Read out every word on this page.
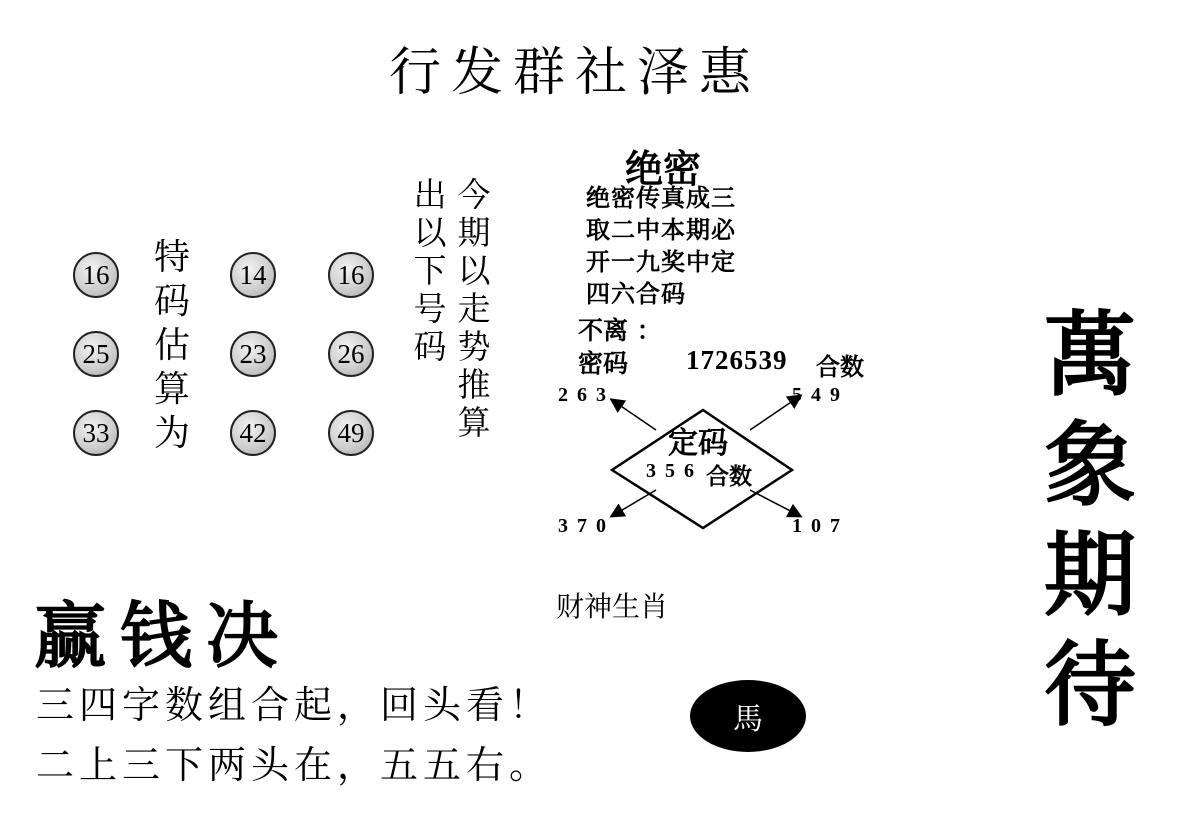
行发群社泽惠
16	14	16
25	23	26
33	42	49
特码估算为
今期以走势推算
出以下号码
绝密
绝密传真成三
取二中本期必
开一九奖中定
四六合码
不离 ：
密码 1726539 合数
定码
356 合数
263	549
370	107
财神生肖
馬
赢钱决
三四字数组合起，回头看！
二上三下两头在，五五右。
萬象期待
